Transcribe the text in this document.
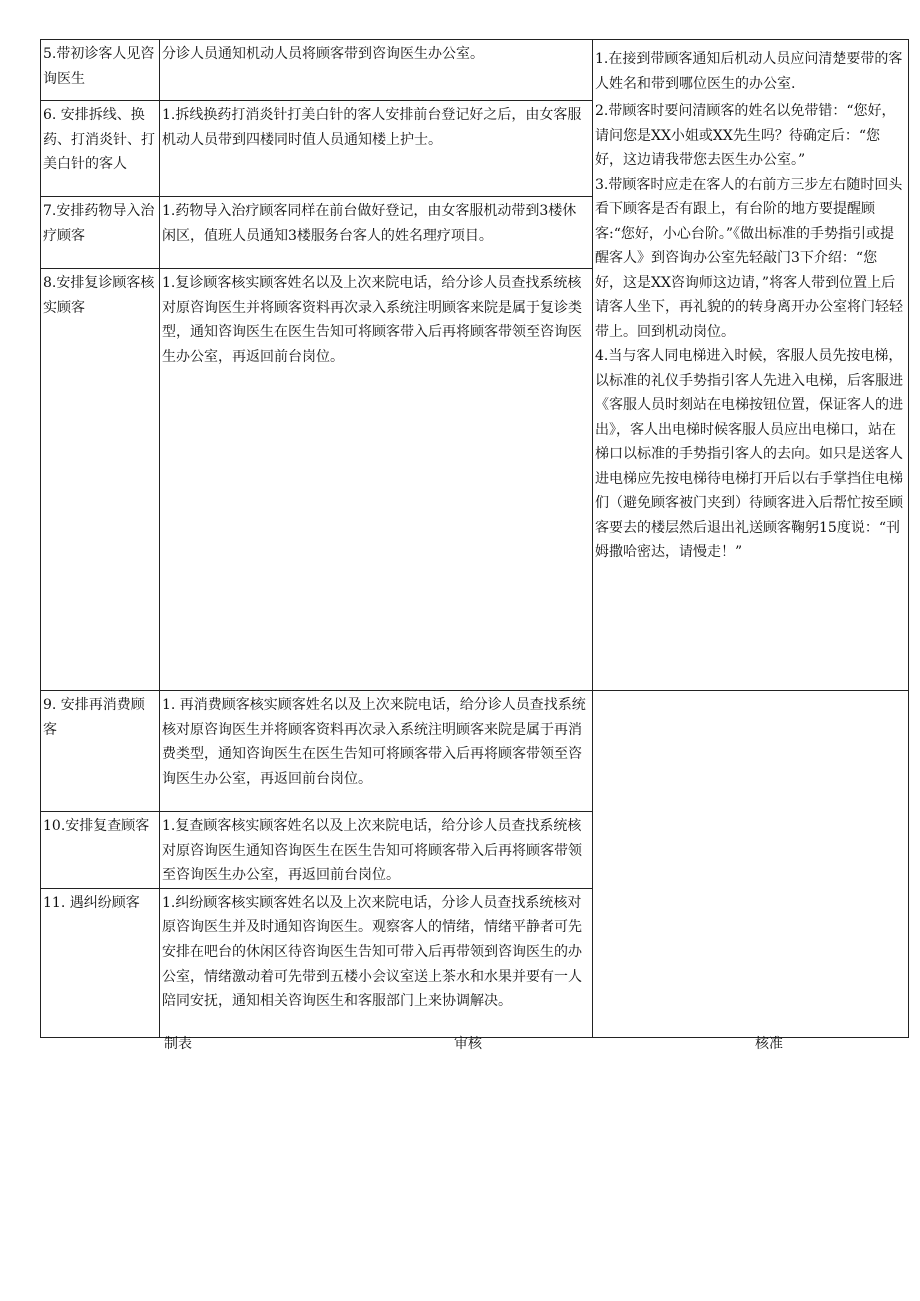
5.带初诊客人见咨询医生	分诊人员通知机动人员将顾客带到咨询医生办公室。	1.在接到带顾客通知后机动人员应问清楚要带的客人姓名和带到哪位医生的办公室.

2.带顾客时要问清顾客的姓名以免带错：“您好，请问您是XX小姐或XX先生吗？待确定后：“您好，这边请我带您去医生办公室。”

3.带顾客时应走在客人的右前方三步左右随时回头看下顾客是否有跟上，有台阶的地方要提醒顾客:“您好，小心台阶。”《做出标准的手势指引或提醒客人》到咨询办公室先轻敲门3下介绍：“您好，这是XX咨询师这边请，”将客人带到位置上后请客人坐下，再礼貌的的转身离开办公室将门轻轻带上。回到机动岗位。

4.当与客人同电梯进入时候，客服人员先按电梯，以标准的礼仪手势指引客人先进入电梯，后客服进《客服人员时刻站在电梯按钮位置，保证客人的进出》，客人出电梯时候客服人员应出电梯口，站在梯口以标准的手势指引客人的去向。如只是送客人进电梯应先按电梯待电梯打开后以右手掌挡住电梯们（避免顾客被门夹到）待顾客进入后帮忙按至顾客要去的楼层然后退出礼送顾客鞠躬15度说：“刊姆撒哈密达，请慢走！”

6. 安排拆线、换药、打消炎针、打美白针的客人	1.拆线换药打消炎针打美白针的客人安排前台登记好之后，由女客服机动人员带到四楼同时值人员通知楼上护士。	
7.安排药物导入治疗顾客	1.药物导入治疗顾客同样在前台做好登记，由女客服机动带到3楼休闲区，值班人员通知3楼服务台客人的姓名理疗项目。	
8.安排复诊顾客核实顾客	1.复诊顾客核实顾客姓名以及上次来院电话，给分诊人员查找系统核对原咨询医生并将顾客资料再次录入系统注明顾客来院是属于复诊类型，通知咨询医生在医生告知可将顾客带入后再将顾客带领至咨询医生办公室，再返回前台岗位。	
9. 安排再消费顾客	1. 再消费顾客核实顾客姓名以及上次来院电话，给分诊人员查找系统核对原咨询医生并将顾客资料再次录入系统注明顾客来院是属于再消费类型，通知咨询医生在医生告知可将顾客带入后再将顾客带领至咨询医生办公室，再返回前台岗位。	
10.安排复查顾客	1.复查顾客核实顾客姓名以及上次来院电话，给分诊人员查找系统核对原咨询医生通知咨询医生在医生告知可将顾客带入后再将顾客带领至咨询医生办公室，再返回前台岗位。	
11. 遇纠纷顾客	1.纠纷顾客核实顾客姓名以及上次来院电话，分诊人员查找系统核对原咨询医生并及时通知咨询医生。观察客人的情绪，情绪平静者可先安排在吧台的休闲区待咨询医生告知可带入后再带领到咨询医生的办公室，情绪激动着可先带到五楼小会议室送上茶水和水果并要有一人陪同安抚，通知相关咨询医生和客服部门上来协调解决。	
制表	审核	核准
